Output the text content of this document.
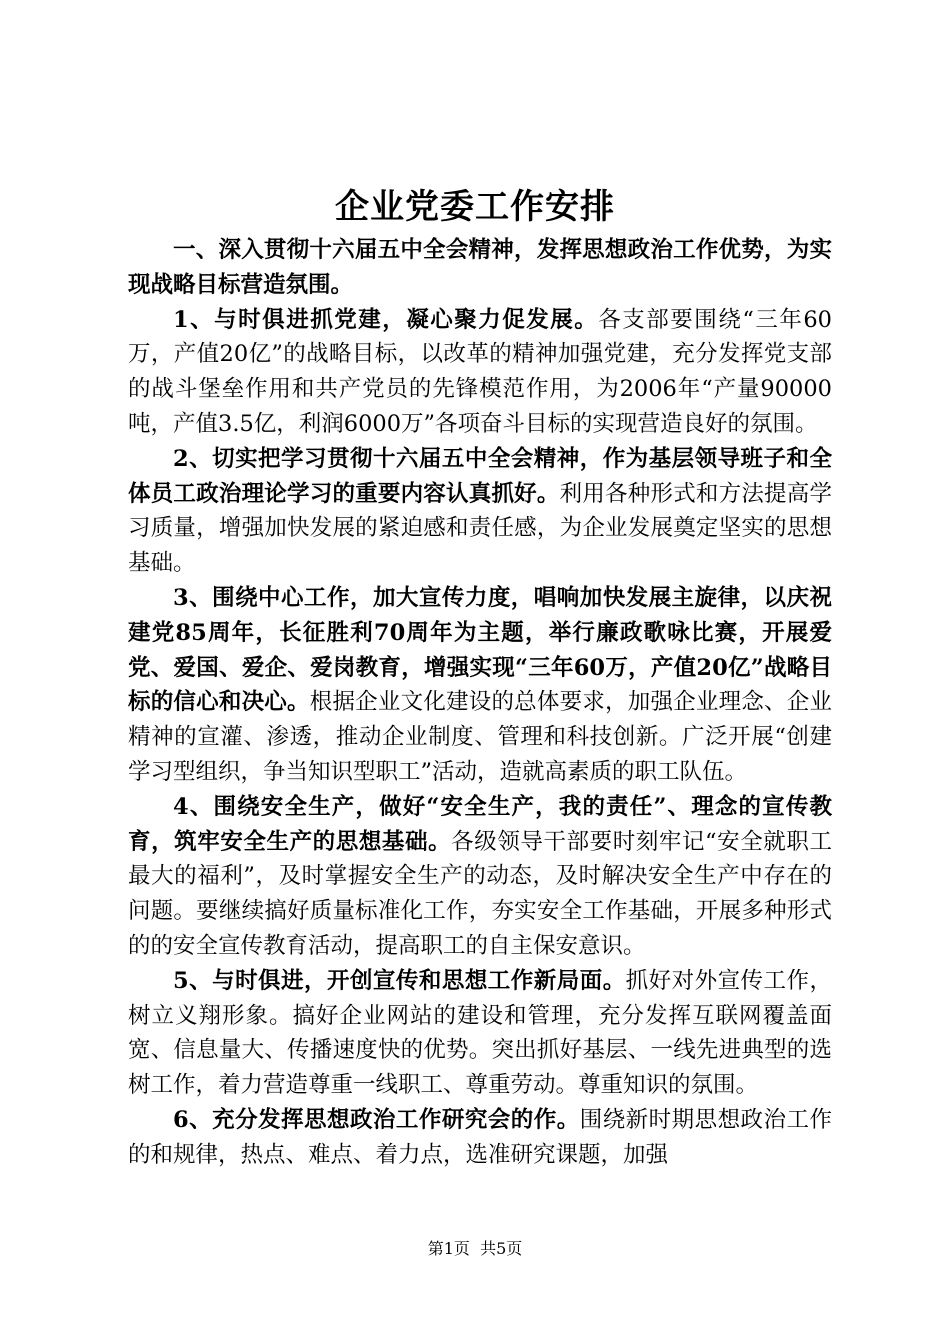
企业党委工作安排

一、深入贯彻十六届五中全会精神，发挥思想政治工作优势，为实现战略目标营造氛围。

1、与时俱进抓党建，凝心聚力促发展。各支部要围绕“三年60万，产值20亿”的战略目标，以改革的精神加强党建，充分发挥党支部的战斗堡垒作用和共产党员的先锋模范作用，为2006年“产量90000吨，产值3.5亿，利润6000万”各项奋斗目标的实现营造良好的氛围。

2、切实把学习贯彻十六届五中全会精神，作为基层领导班子和全体员工政治理论学习的重要内容认真抓好。利用各种形式和方法提高学习质量，增强加快发展的紧迫感和责任感，为企业发展奠定坚实的思想基础。

3、围绕中心工作，加大宣传力度，唱响加快发展主旋律，以庆祝建党85周年，长征胜利70周年为主题，举行廉政歌咏比赛，开展爱党、爱国、爱企、爱岗教育，增强实现“三年60万，产值20亿”战略目标的信心和决心。根据企业文化建设的总体要求，加强企业理念、企业精神的宣灌、渗透，推动企业制度、管理和科技创新。广泛开展“创建学习型组织，争当知识型职工”活动，造就高素质的职工队伍。

4、围绕安全生产，做好“安全生产，我的责任”、理念的宣传教育，筑牢安全生产的思想基础。各级领导干部要时刻牢记“安全就职工最大的福利”，及时掌握安全生产的动态，及时解决安全生产中存在的问题。要继续搞好质量标准化工作，夯实安全工作基础，开展多种形式的的安全宣传教育活动，提高职工的自主保安意识。

5、与时俱进，开创宣传和思想工作新局面。抓好对外宣传工作，树立义翔形象。搞好企业网站的建设和管理，充分发挥互联网覆盖面宽、信息量大、传播速度快的优势。突出抓好基层、一线先进典型的选树工作，着力营造尊重一线职工、尊重劳动。尊重知识的氛围。

6、充分发挥思想政治工作研究会的作。围绕新时期思想政治工作的和规律，热点、难点、着力点，选准研究课题，加强

第1页 共5页
